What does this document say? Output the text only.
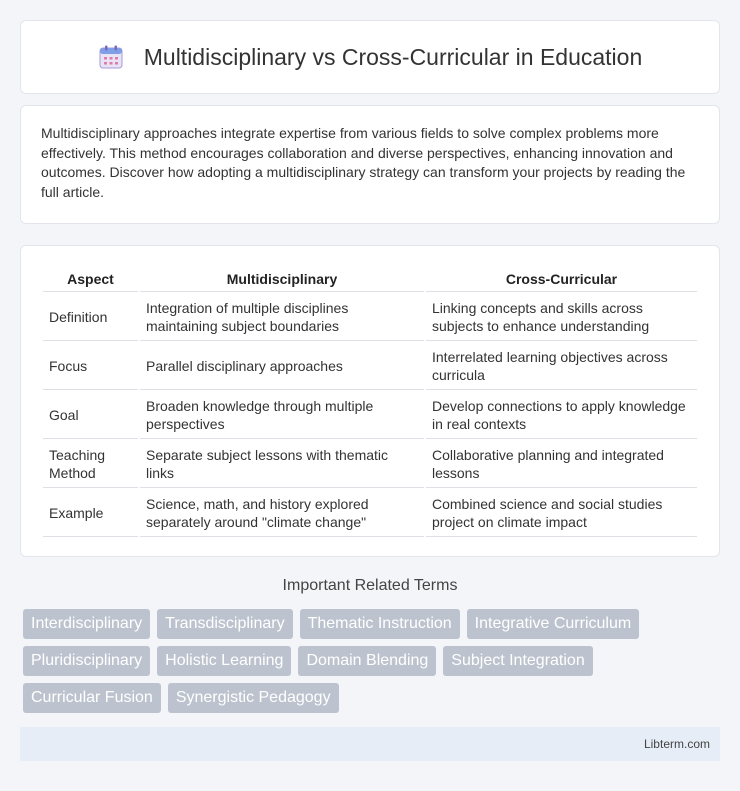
Multidisciplinary vs Cross-Curricular in Education

Multidisciplinary approaches integrate expertise from various fields to solve complex problems more effectively. This method encourages collaboration and diverse perspectives, enhancing innovation and outcomes. Discover how adopting a multidisciplinary strategy can transform your projects by reading the full article.

Aspect	Multidisciplinary	Cross-Curricular
Definition	Integration of multiple disciplines maintaining subject boundaries	Linking concepts and skills across subjects to enhance understanding
Focus	Parallel disciplinary approaches	Interrelated learning objectives across curricula
Goal	Broaden knowledge through multiple perspectives	Develop connections to apply knowledge in real contexts
Teaching Method	Separate subject lessons with thematic links	Collaborative planning and integrated lessons
Example	Science, math, and history explored separately around "climate change"	Combined science and social studies project on climate impact
Important Related Terms
Interdisciplinary	Transdisciplinary	Thematic Instruction	Integrative Curriculum
Pluridisciplinary	Holistic Learning	Domain Blending	Subject Integration
Curricular Fusion	Synergistic Pedagogy
Libterm.com
